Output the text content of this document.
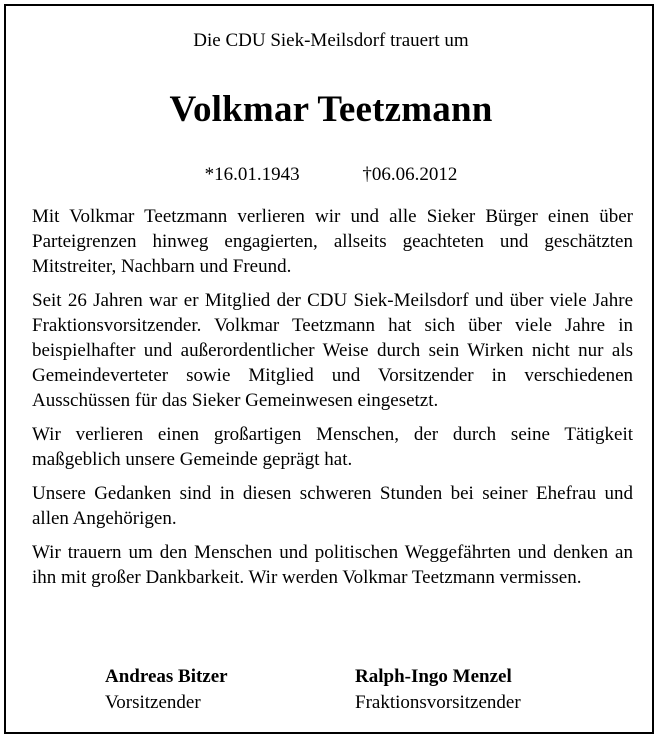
Die CDU Siek-Meilsdorf trauert um
Volkmar Teetzmann
*16.01.1943	†06.06.2012

Mit Volkmar Teetzmann verlieren wir und alle Sieker Bürger einen über Parteigrenzen hinweg engagierten, allseits geachteten und geschätzten Mitstreiter, Nachbarn und Freund.

Seit 26 Jahren war er Mitglied der CDU Siek-Meilsdorf und über viele Jahre Fraktionsvorsitzender. Volkmar Teetzmann hat sich über viele Jahre in beispielhafter und außerordentlicher Weise durch sein Wirken nicht nur als Gemeindeverteter sowie Mitglied und Vorsitzender in verschiedenen Ausschüssen für das Sieker Gemeinwesen eingesetzt.

Wir verlieren einen großartigen Menschen, der durch seine Tätigkeit maßgeblich unsere Gemeinde geprägt hat.

Unsere Gedanken sind in diesen schweren Stunden bei seiner Ehefrau und allen Angehörigen.

Wir trauern um den Menschen und politischen Weggefährten und denken an ihn mit großer Dankbarkeit. Wir werden Volkmar Teetzmann vermissen.

Andreas Bitzer
Vorsitzender
Ralph-Ingo Menzel
Fraktionsvorsitzender
